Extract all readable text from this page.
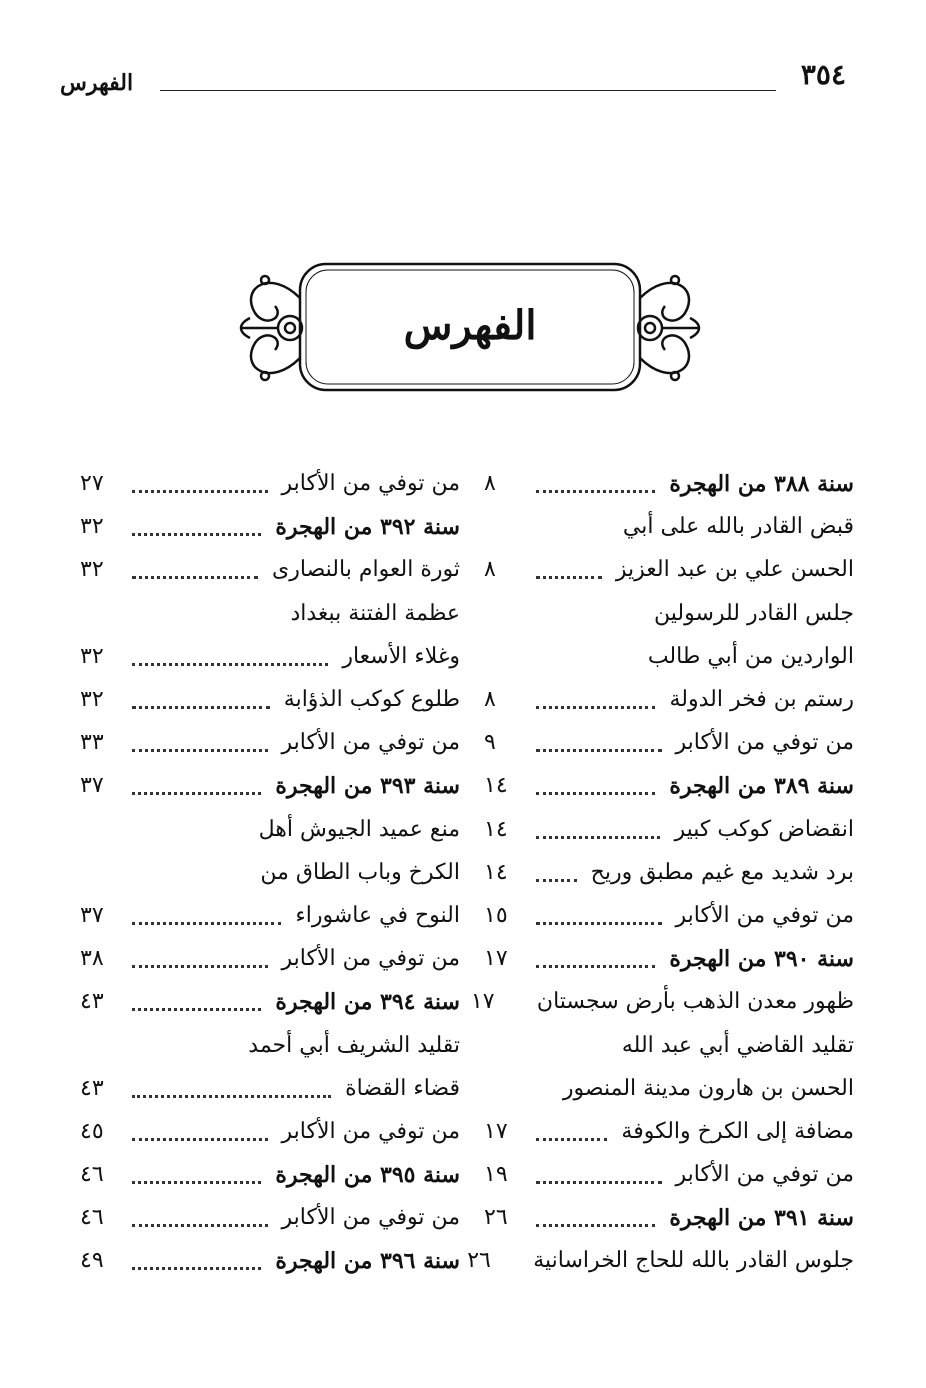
٣٥٤
الفهرس
الفهرس
سنة ٣٨٨ من الهجرة
٨
قبض القادر بالله على أبي
الحسن علي بن عبد العزيز
٨
جلس القادر للرسولين
الواردين من أبي طالب
رستم بن فخر الدولة
٨
من توفي من الأكابر
٩
سنة ٣٨٩ من الهجرة
١٤
انقضاض كوكب كبير
١٤
برد شديد مع غيم مطبق وريح
١٤
من توفي من الأكابر
١٥
سنة ٣٩٠ من الهجرة
١٧
ظهور معدن الذهب بأرض سجستان
١٧
تقليد القاضي أبي عبد الله
الحسن بن هارون مدينة المنصور
مضافة إلى الكرخ والكوفة
١٧
من توفي من الأكابر
١٩
سنة ٣٩١ من الهجرة
٢٦
جلوس القادر بالله للحاج الخراسانية
٢٦
من توفي من الأكابر
٢٧
سنة ٣٩٢ من الهجرة
٣٢
ثورة العوام بالنصارى
٣٢
عظمة الفتنة ببغداد
وغلاء الأسعار
٣٢
طلوع كوكب الذؤابة
٣٢
من توفي من الأكابر
٣٣
سنة ٣٩٣ من الهجرة
٣٧
منع عميد الجيوش أهل
الكرخ وباب الطاق من
النوح في عاشوراء
٣٧
من توفي من الأكابر
٣٨
سنة ٣٩٤ من الهجرة
٤٣
تقليد الشريف أبي أحمد
قضاء القضاة
٤٣
من توفي من الأكابر
٤٥
سنة ٣٩٥ من الهجرة
٤٦
من توفي من الأكابر
٤٦
سنة ٣٩٦ من الهجرة
٤٩
